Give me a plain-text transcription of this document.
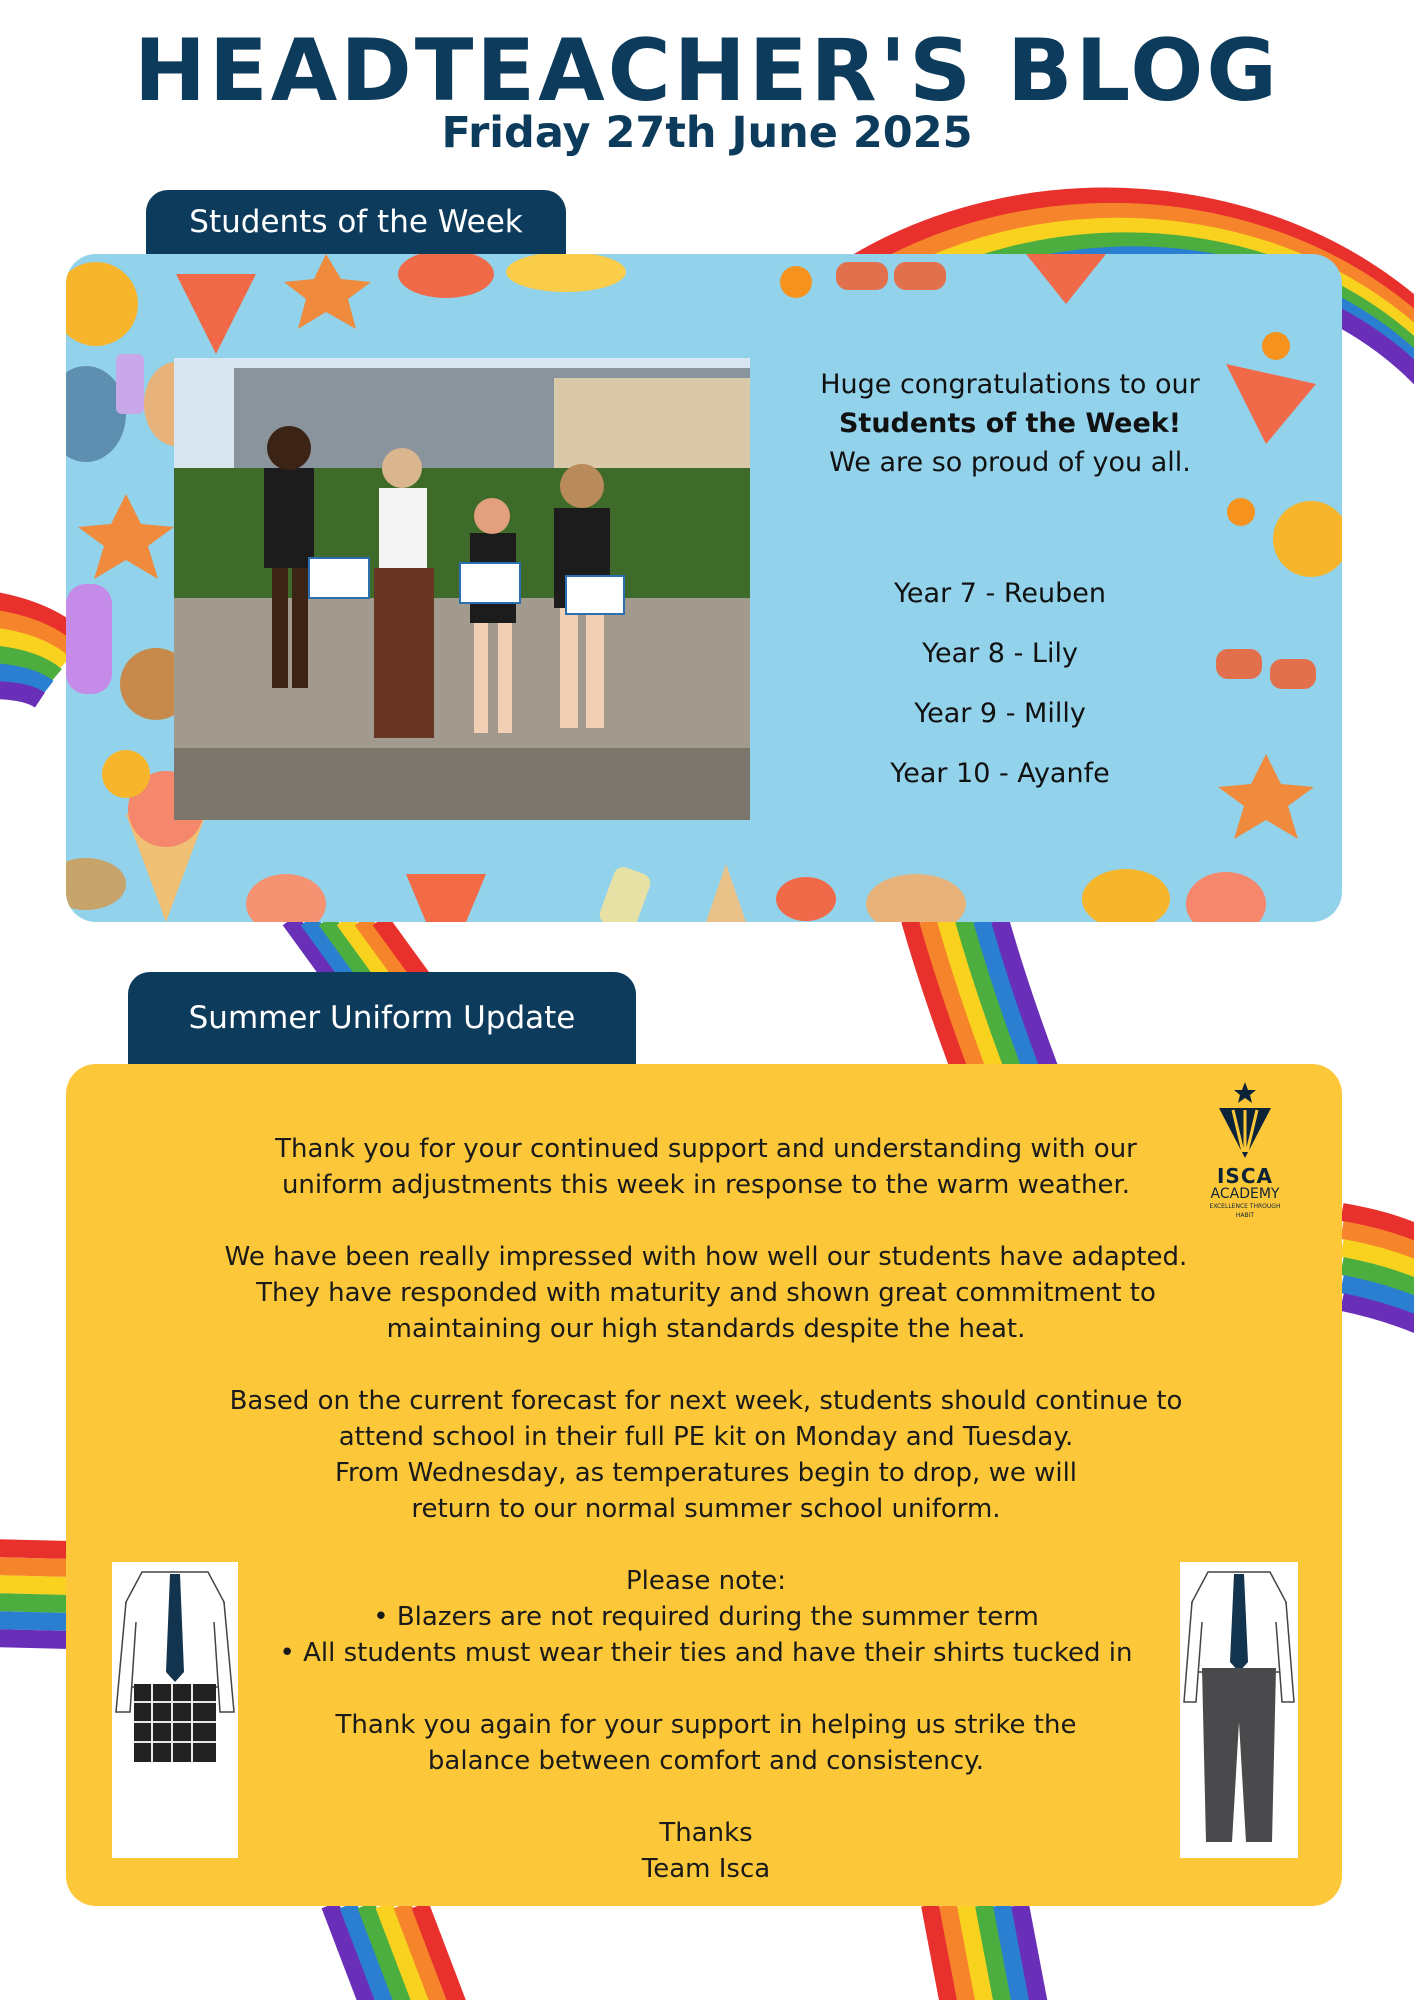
HEADTEACHER'S BLOG
Friday 27th June 2025
Students of the Week
Huge congratulations to our
Students of the Week!
We are so proud of you all.
Year 7 - Reuben
Year 8 - Lily
Year 9 - Milly
Year 10 - Ayanfe
Summer Uniform Update
ISCA
ACADEMY
EXCELLENCE THROUGH HABIT

Thank you for your continued support and understanding with our
uniform adjustments this week in response to the warm weather.

We have been really impressed with how well our students have adapted.
They have responded with maturity and shown great commitment to
maintaining our high standards despite the heat.

Based on the current forecast for next week, students should continue to
attend school in their full PE kit on Monday and Tuesday.
From Wednesday, as temperatures begin to drop, we will
return to our normal summer school uniform.

Please note:
• Blazers are not required during the summer term
• All students must wear their ties and have their shirts tucked in

Thank you again for your support in helping us strike the
balance between comfort and consistency.

Thanks
Team Isca
